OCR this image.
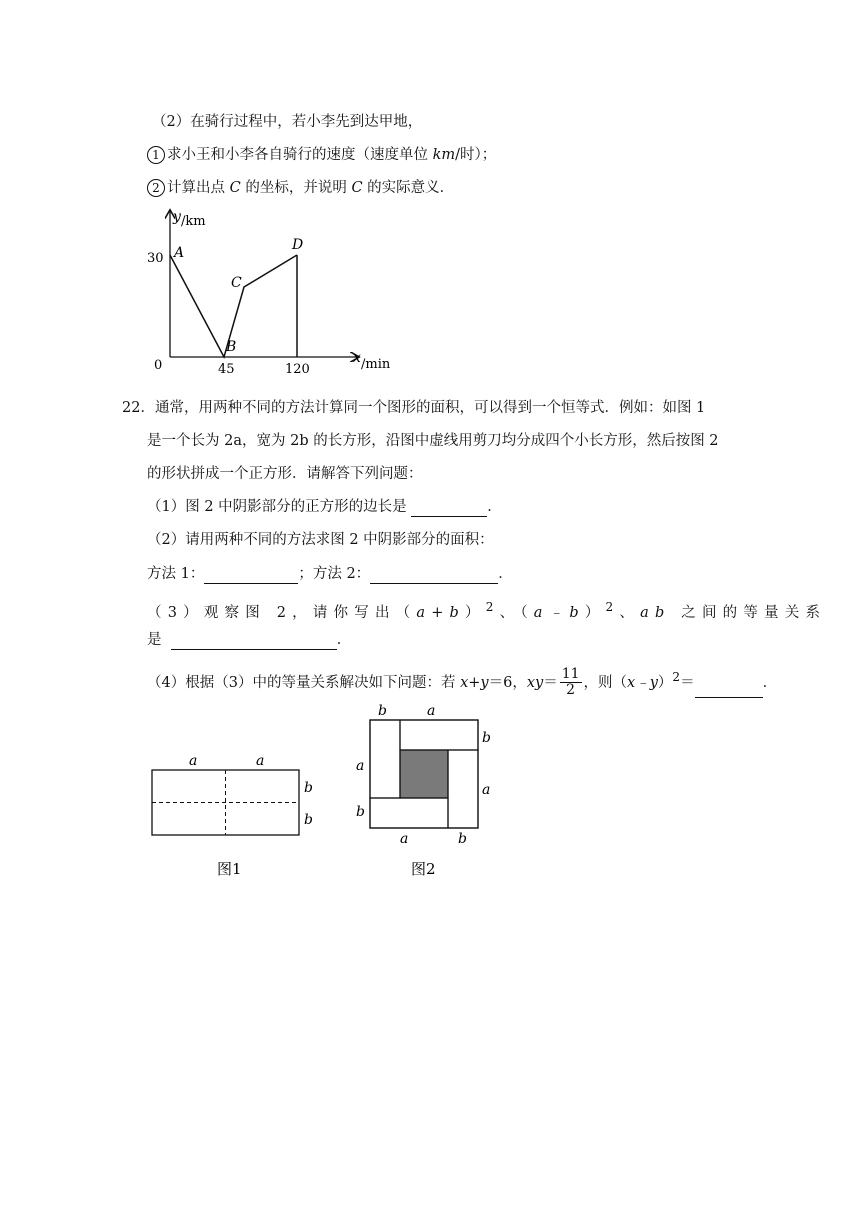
（2）在骑行过程中，若小李先到达甲地，
1 求小王和小李各自骑行的速度（速度单位 km/时）；
2 计算出点 C 的坐标，并说明 C 的实际意义．
y /km
x /min
0
30
45	120
A
B
C
D
22．通常，用两种不同的方法计算同一个图形的面积，可以得到一个恒等式．例如：如图 1
是一个长为 2a，宽为 2b 的长方形，沿图中虚线用剪刀均分成四个小长方形，然后按图 2
的形状拼成一个正方形．请解答下列问题：
（1）图 2 中阴影部分的正方形的边长是	．
（2）请用两种不同的方法求图 2 中阴影部分的面积：
方法 1：	；方法 2：	．
（3）观察图 2，请你写出$(a+b)^2$、（a﹣b）$^2$、ab 之间的等量关系
是	．
（4）根据（3）中的等量关系解决如下问题：若 x+y＝6，$xy= \frac{11}{2}$ ，则（x﹣y）$^2$＝	．
a	a
b
b
图1
b	a
b
a
a
b
a	b
图2
